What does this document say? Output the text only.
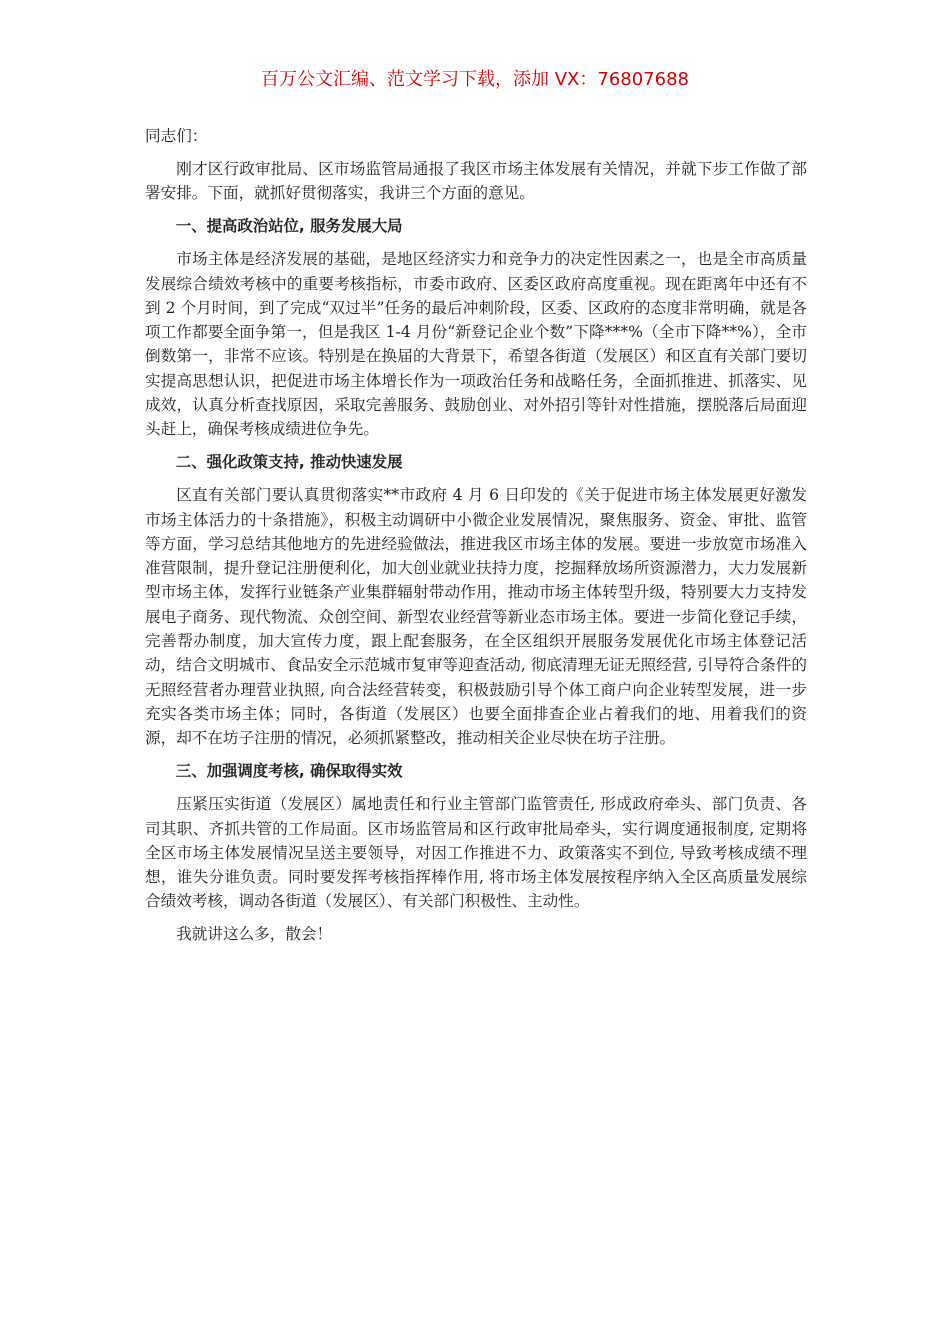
百万公文汇编、范文学习下载，添加 VX：76807688

同志们：

刚才区行政审批局、区市场监管局通报了我区市场主体发展有关情况，并就下步工作做了部署安排。下面，就抓好贯彻落实，我讲三个方面的意见。

一、提高政治站位, 服务发展大局

市场主体是经济发展的基础，是地区经济实力和竞争力的决定性因素之一，也是全市高质量发展综合绩效考核中的重要考核指标，市委市政府、区委区政府高度重视。现在距离年中还有不到 2 个月时间，到了完成“双过半”任务的最后冲刺阶段，区委、区政府的态度非常明确，就是各项工作都要全面争第一，但是我区 1-4 月份“新登记企业个数”下降***%（全市下降**%），全市倒数第一，非常不应该。特别是在换届的大背景下，希望各街道（发展区）和区直有关部门要切实提高思想认识，把促进市场主体增长作为一项政治任务和战略任务，全面抓推进、抓落实、见成效，认真分析查找原因，采取完善服务、鼓励创业、对外招引等针对性措施，摆脱落后局面迎头赶上，确保考核成绩进位争先。

二、强化政策支持, 推动快速发展

区直有关部门要认真贯彻落实**市政府 4 月 6 日印发的《关于促进市场主体发展更好激发市场主体活力的十条措施》，积极主动调研中小微企业发展情况，聚焦服务、资金、审批、监管等方面，学习总结其他地方的先进经验做法，推进我区市场主体的发展。要进一步放宽市场准入准营限制，提升登记注册便利化，加大创业就业扶持力度，挖掘释放场所资源潜力，大力发展新型市场主体，发挥行业链条产业集群辐射带动作用，推动市场主体转型升级，特别要大力支持发展电子商务、现代物流、众创空间、新型农业经营等新业态市场主体。要进一步简化登记手续，完善帮办制度，加大宣传力度，跟上配套服务，在全区组织开展服务发展优化市场主体登记活动，结合文明城市、食品安全示范城市复审等迎查活动, 彻底清理无证无照经营, 引导符合条件的无照经营者办理营业执照, 向合法经营转变，积极鼓励引导个体工商户向企业转型发展，进一步充实各类市场主体；同时，各街道（发展区）也要全面排查企业占着我们的地、用着我们的资源，却不在坊子注册的情况，必须抓紧整改，推动相关企业尽快在坊子注册。

三、加强调度考核, 确保取得实效

压紧压实街道（发展区）属地责任和行业主管部门监管责任, 形成政府牵头、部门负责、各司其职、齐抓共管的工作局面。区市场监管局和区行政审批局牵头，实行调度通报制度, 定期将全区市场主体发展情况呈送主要领导，对因工作推进不力、政策落实不到位, 导致考核成绩不理想，谁失分谁负责。同时要发挥考核指挥棒作用, 将市场主体发展按程序纳入全区高质量发展综合绩效考核，调动各街道（发展区）、有关部门积极性、主动性。

我就讲这么多，散会！
